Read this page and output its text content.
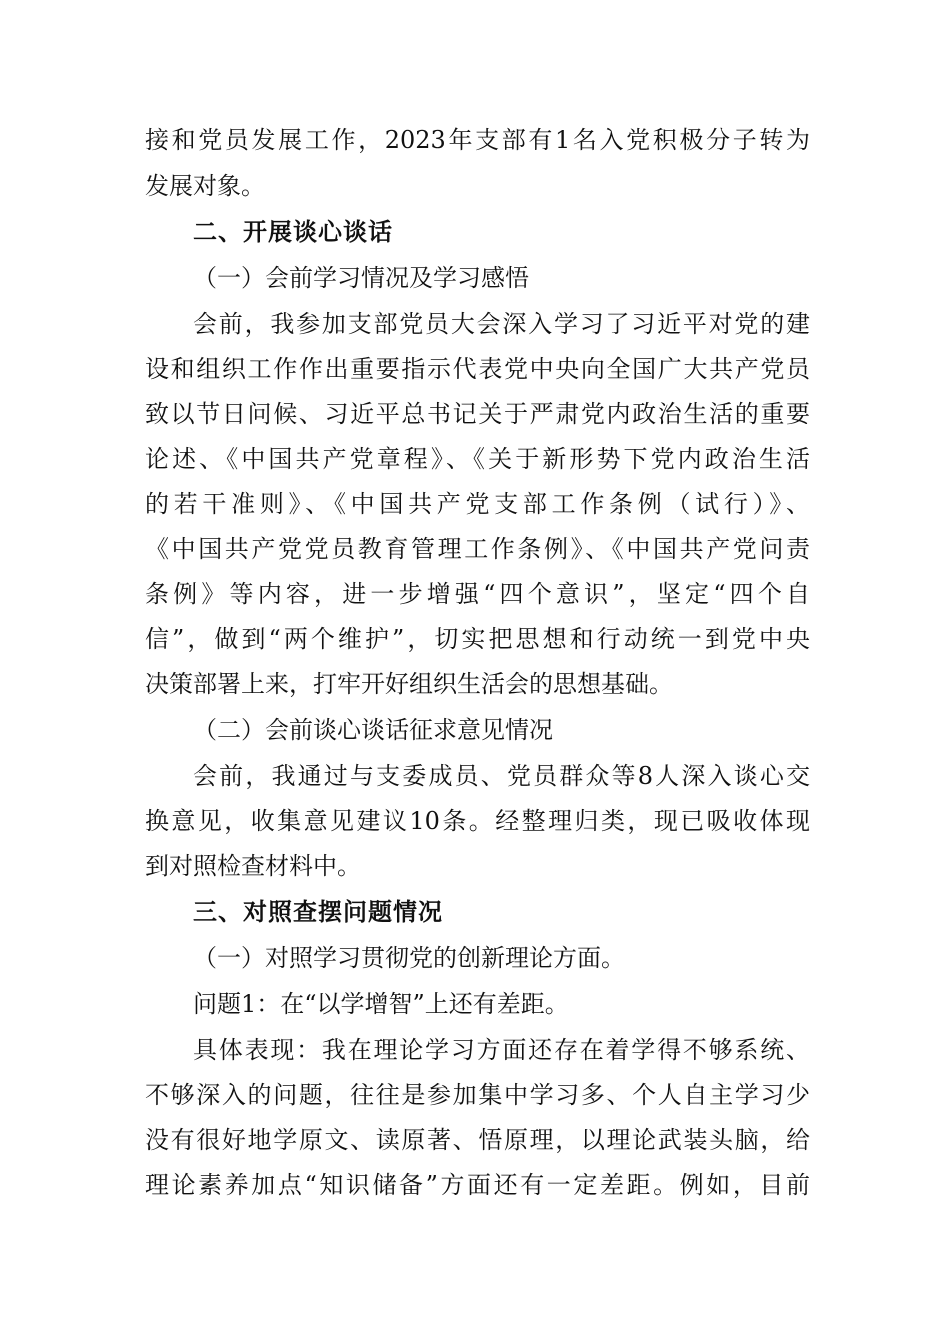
接和党员发展工作，2023年支部有1名入党积极分子转为
发展对象。
二、开展谈心谈话
（一）会前学习情况及学习感悟
会前，我参加支部党员大会深入学习了习近平对党的建
设和组织工作作出重要指示代表党中央向全国广大共产党员
致以节日问候、习近平总书记关于严肃党内政治生活的重要
论述、《中国共产党章程》、《关于新形势下党内政治生活
的若干准则》、《中国共产党支部工作条例（试行）》、
《中国共产党党员教育管理工作条例》、《中国共产党问责
条例》等内容，进一步增强“四个意识”，坚定“四个自
信”，做到“两个维护”，切实把思想和行动统一到党中央
决策部署上来，打牢开好组织生活会的思想基础。
（二）会前谈心谈话征求意见情况
会前，我通过与支委成员、党员群众等8人深入谈心交
换意见，收集意见建议10条。经整理归类，现已吸收体现
到对照检查材料中。
三、对照查摆问题情况
（一）对照学习贯彻党的创新理论方面。
问题1：在“以学增智”上还有差距。
具体表现：我在理论学习方面还存在着学得不够系统、
不够深入的问题，往往是参加集中学习多、个人自主学习少
没有很好地学原文、读原著、悟原理，以理论武装头脑，给
理论素养加点“知识储备”方面还有一定差距。例如，目前
